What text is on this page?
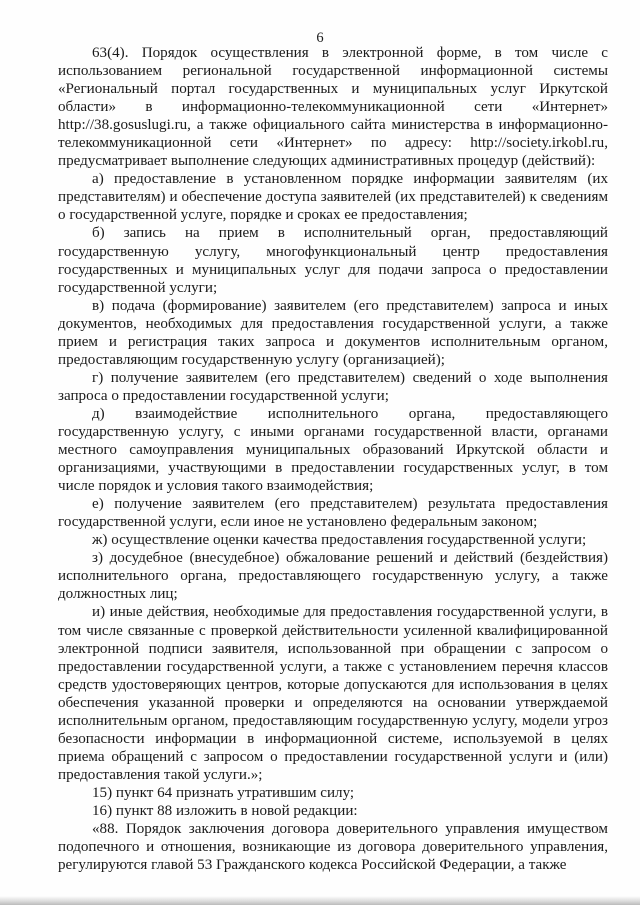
6

63(4). Порядок осуществления в электронной форме, в том числе с использованием региональной государственной информационной системы «Региональный портал государственных и муниципальных услуг Иркутской области» в информационно-телекоммуникационной сети «Интернет» http://38.gosuslugi.ru, а также официального сайта министерства в информационно-телекоммуникационной сети «Интернет» по адресу: http://society.irkobl.ru, предусматривает выполнение следующих административных процедур (действий):

а) предоставление в установленном порядке информации заявителям (их представителям) и обеспечение доступа заявителей (их представителей) к сведениям о государственной услуге, порядке и сроках ее предоставления;

б) запись на прием в исполнительный орган, предоставляющий государственную услугу, многофункциональный центр предоставления государственных и муниципальных услуг для подачи запроса о предоставлении государственной услуги;

в) подача (формирование) заявителем (его представителем) запроса и иных документов, необходимых для предоставления государственной услуги, а также прием и регистрация таких запроса и документов исполнительным органом, предоставляющим государственную услугу (организацией);

г) получение заявителем (его представителем) сведений о ходе выполнения запроса о предоставлении государственной услуги;

д) взаимодействие исполнительного органа, предоставляющего государственную услугу, с иными органами государственной власти, органами местного самоуправления муниципальных образований Иркутской области и организациями, участвующими в предоставлении государственных услуг, в том числе порядок и условия такого взаимодействия;

е) получение заявителем (его представителем) результата предоставления государственной услуги, если иное не установлено федеральным законом;

ж) осуществление оценки качества предоставления государственной услуги;

з) досудебное (внесудебное) обжалование решений и действий (бездействия) исполнительного органа, предоставляющего государственную услугу, а также должностных лиц;

и) иные действия, необходимые для предоставления государственной услуги, в том числе связанные с проверкой действительности усиленной квалифицированной электронной подписи заявителя, использованной при обращении с запросом о предоставлении государственной услуги, а также с установлением перечня классов средств удостоверяющих центров, которые допускаются для использования в целях обеспечения указанной проверки и определяются на основании утверждаемой исполнительным органом, предоставляющим государственную услугу, модели угроз безопасности информации в информационной системе, используемой в целях приема обращений с запросом о предоставлении государственной услуги и (или) предоставления такой услуги.»;

15) пункт 64 признать утратившим силу;

16) пункт 88 изложить в новой редакции:

«88. Порядок заключения договора доверительного управления имуществом подопечного и отношения, возникающие из договора доверительного управления, регулируются главой 53 Гражданского кодекса Российской Федерации, а также
